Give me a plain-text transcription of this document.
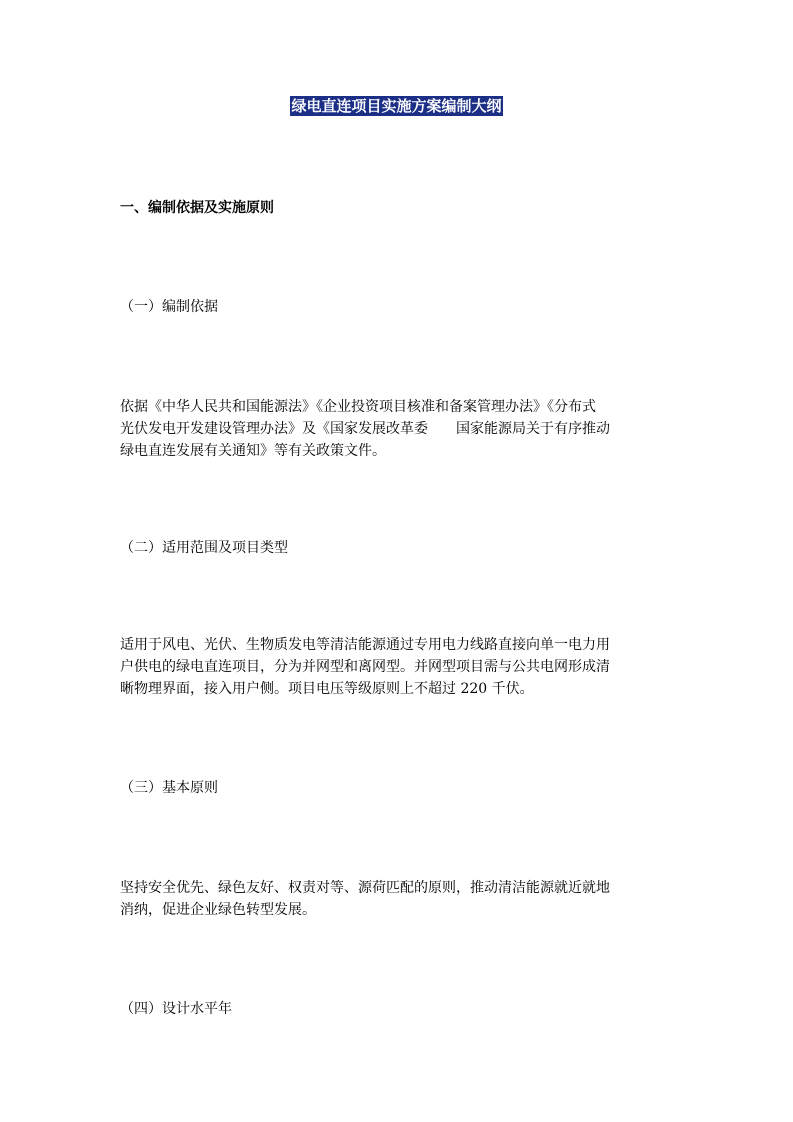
绿电直连项目实施方案编制大纲
一、编制依据及实施原则
（一）编制依据
依据《中华人民共和国能源法》《企业投资项目核准和备案管理办法》《分布式
光伏发电开发建设管理办法》及《国家发展改革委　　国家能源局关于有序推动
绿电直连发展有关通知》等有关政策文件。
（二）适用范围及项目类型
适用于风电、光伏、生物质发电等清洁能源通过专用电力线路直接向单一电力用
户供电的绿电直连项目，分为并网型和离网型。并网型项目需与公共电网形成清
晰物理界面，接入用户侧。项目电压等级原则上不超过 220 千伏。
（三）基本原则
坚持安全优先、绿色友好、权责对等、源荷匹配的原则，推动清洁能源就近就地
消纳，促进企业绿色转型发展。
（四）设计水平年
